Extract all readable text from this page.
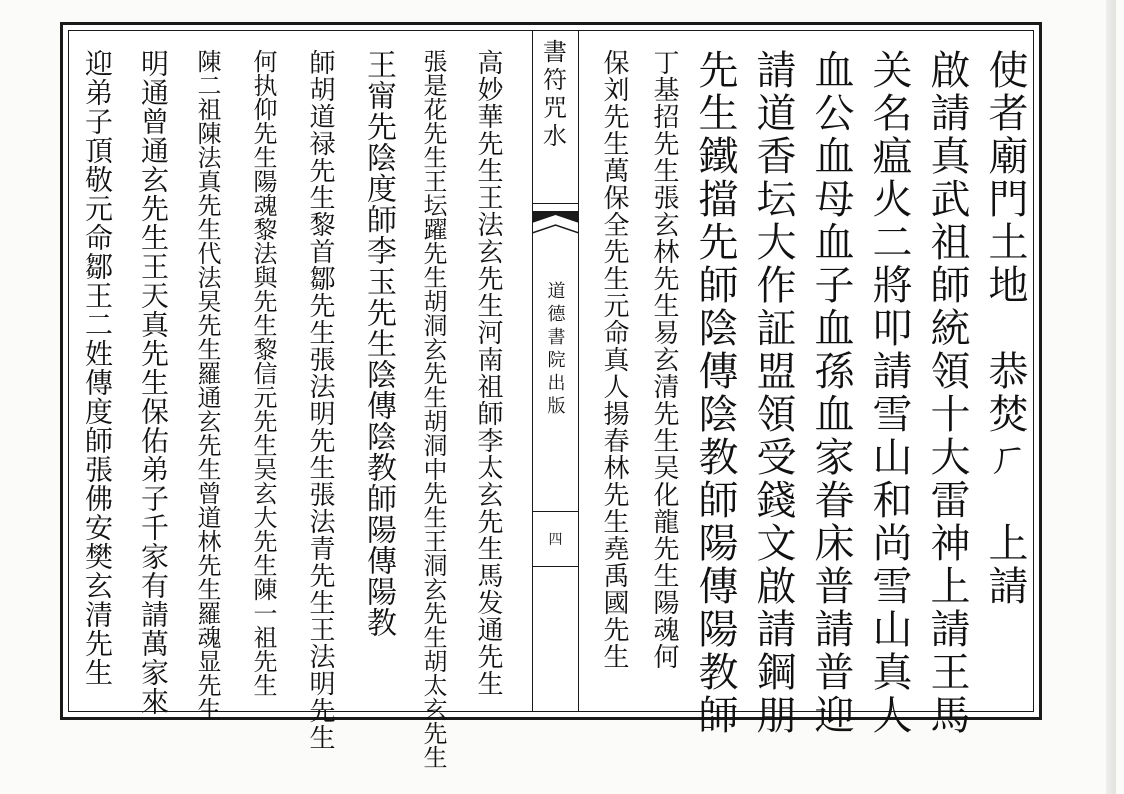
使者廟門土地　恭焚ㄏ　上請
啟請真武祖師統領十大雷神上請王馬
关名瘟火二將叩請雪山和尚雪山真人
血公血母血子血孫血家眷床普請普迎
請道香坛大作証盟領受錢文啟請鋼朋
先生鐵擋先師陰傳陰教師陽傳陽教師
丁基招先生張玄林先生易玄清先生吴化龍先生陽魂何
保刘先生萬保全先生元命真人揚春林先生堯禹國先生
書符咒水
道德書院出版
四
高妙華先生王法玄先生河南祖師李太玄先生馬发通先生
張是花先生王坛躍先生胡洞玄先生胡洞中先生王洞玄先生胡太玄先生
王甯先陰度師李玉先生陰傳陰教師陽傳陽教
師胡道禄先生黎首鄒先生張法明先生張法青先生王法明先生
何执仰先生陽魂黎法與先生黎信元先生吴玄大先生陳一祖先生
陳二祖陳法真先生代法旲先生羅通玄先生曾道林先生羅魂显先生
明通曾通玄先生王天真先生保佑弟子千家有請萬家來
迎弟子頂敬元命鄒王二姓傳度師張佛安樊玄清先生
